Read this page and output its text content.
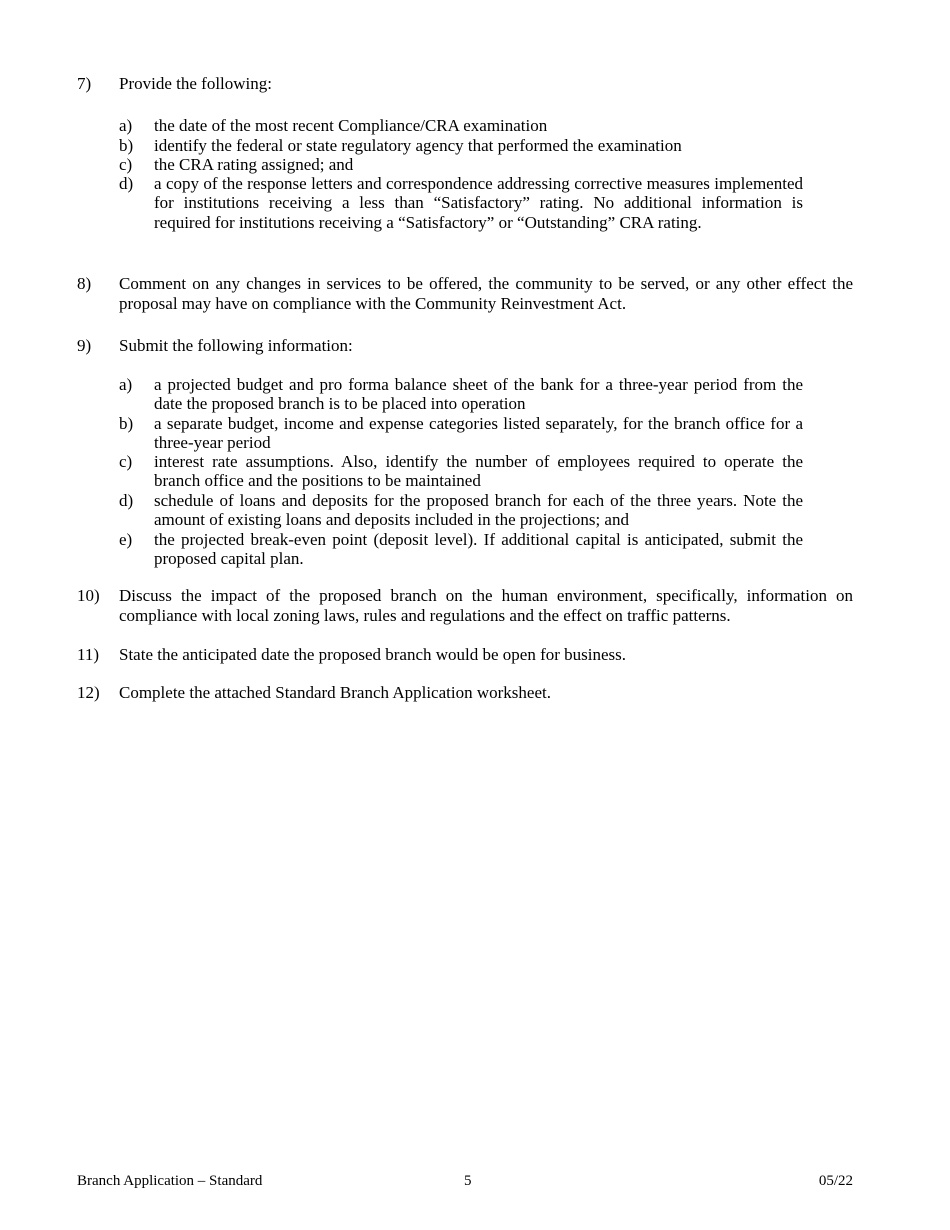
7) Provide the following:
a) the date of the most recent Compliance/CRA examination
b) identify the federal or state regulatory agency that performed the examination
c) the CRA rating assigned; and
d) a copy of the response letters and correspondence addressing corrective measures implemented for institutions receiving a less than “Satisfactory” rating. No additional information is required for institutions receiving a “Satisfactory” or “Outstanding” CRA rating.
8) Comment on any changes in services to be offered, the community to be served, or any other effect the proposal may have on compliance with the Community Reinvestment Act.
9) Submit the following information:
a) a projected budget and pro forma balance sheet of the bank for a three-year period from the date the proposed branch is to be placed into operation
b) a separate budget, income and expense categories listed separately, for the branch office for a three-year period
c) interest rate assumptions. Also, identify the number of employees required to operate the branch office and the positions to be maintained
d) schedule of loans and deposits for the proposed branch for each of the three years. Note the amount of existing loans and deposits included in the projections; and
e) the projected break-even point (deposit level). If additional capital is anticipated, submit the proposed capital plan.
10) Discuss the impact of the proposed branch on the human environment, specifically, information on compliance with local zoning laws, rules and regulations and the effect on traffic patterns.
11) State the anticipated date the proposed branch would be open for business.
12) Complete the attached Standard Branch Application worksheet.
Branch Application – Standard	5	05/22
